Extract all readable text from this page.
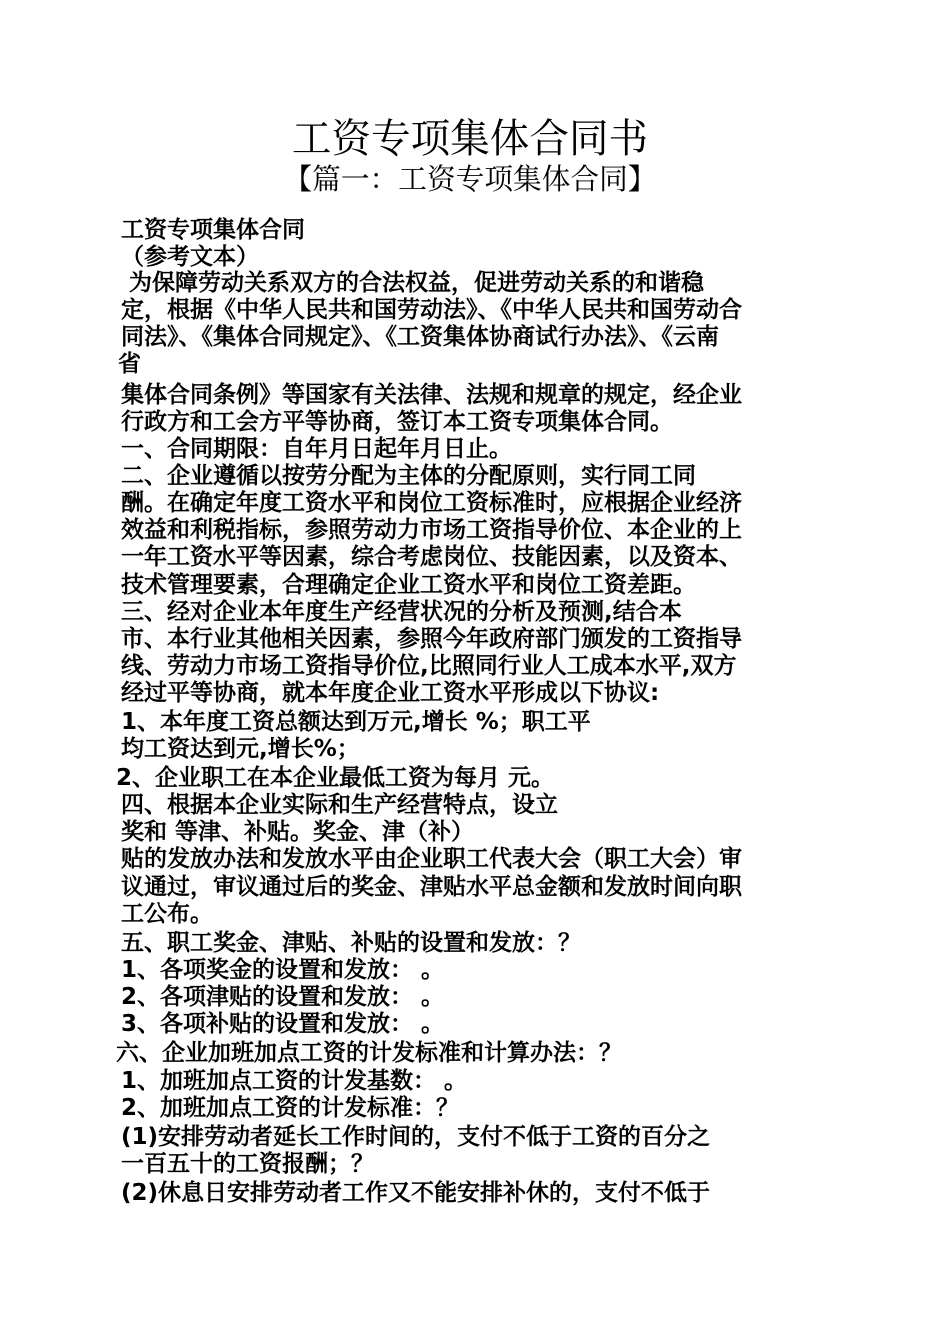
工资专项集体合同书
【篇一：工资专项集体合同】
工资专项集体合同
（参考文本）
为保障劳动关系双方的合法权益，促进劳动关系的和谐稳
定，根据《中华人民共和国劳动法》、《中华人民共和国劳动合
同法》、《集体合同规定》、《工资集体协商试行办法》、《云南
省
集体合同条例》等国家有关法律、法规和规章的规定，经企业
行政方和工会方平等协商，签订本工资专项集体合同。
一、合同期限：自年月日起年月日止。
二、企业遵循以按劳分配为主体的分配原则，实行同工同
酬。在确定年度工资水平和岗位工资标准时，应根据企业经济
效益和利税指标，参照劳动力市场工资指导价位、本企业的上
一年工资水平等因素，综合考虑岗位、技能因素，以及资本、
技术管理要素，合理确定企业工资水平和岗位工资差距。
三、经对企业本年度生产经营状况的分析及预测,结合本
市、本行业其他相关因素，参照今年政府部门颁发的工资指导
线、劳动力市场工资指导价位,比照同行业人工成本水平,双方
经过平等协商，就本年度企业工资水平形成以下协议:
1、本年度工资总额达到万元,增长 %；职工平
均工资达到元,增长%；
2、企业职工在本企业最低工资为每月 元。
四、根据本企业实际和生产经营特点，设立
奖和 等津、补贴。奖金、津（补）
贴的发放办法和发放水平由企业职工代表大会（职工大会）审
议通过，审议通过后的奖金、津贴水平总金额和发放时间向职
工公布。
五、职工奖金、津贴、补贴的设置和发放：？
1、各项奖金的设置和发放： 。
2、各项津贴的设置和发放： 。
3、各项补贴的设置和发放： 。
六、企业加班加点工资的计发标准和计算办法：？
1、加班加点工资的计发基数： 。
2、加班加点工资的计发标准：？
(1)安排劳动者延长工作时间的，支付不低于工资的百分之
一百五十的工资报酬；？
(2)休息日安排劳动者工作又不能安排补休的，支付不低于
